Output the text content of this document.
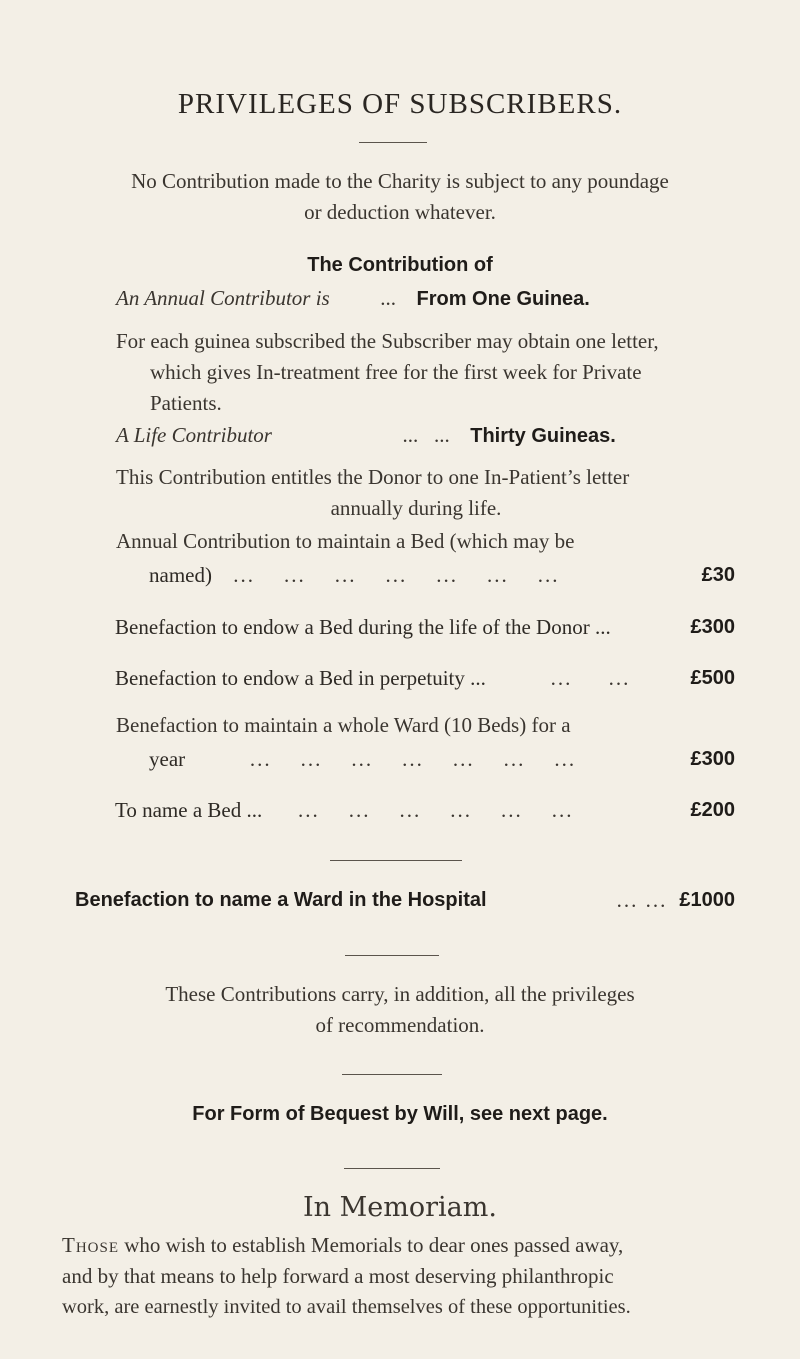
PRIVILEGES OF SUBSCRIBERS.
No Contribution made to the Charity is subject to any poundage
or deduction whatever.
The Contribution of
An Annual Contributor is ... From One Guinea.
For each guinea subscribed the Subscriber may obtain one letter,
which gives In-treatment free for the first week for Private
Patients.
A Life Contributor	...   ... Thirty Guineas.
This Contribution entitles the Donor to one In-Patient’s letter
annually during life.
Annual Contribution to maintain a Bed (which may be
named) ...    ...    ...    ...    ...    ...    ...	£30
Benefaction to endow a Bed during the life of the Donor ...	£300
Benefaction to endow a Bed in perpetuity ... ...     ...	£500
Benefaction to maintain a whole Ward (10 Beds) for a
year ...    ...    ...    ...    ...    ...    ...	£300
To name a Bed ... ...    ...    ...    ...    ...    ...	£200
Benefaction to name a Ward in the Hospital	... ... £1000
These Contributions carry, in addition, all the privileges
of recommendation.
For Form of Bequest by Will, see next page.
In Memoriam.
Those who wish to establish Memorials to dear ones passed away,
and by that means to help forward a most deserving philanthropic
work, are earnestly invited to avail themselves of these opportunities.
